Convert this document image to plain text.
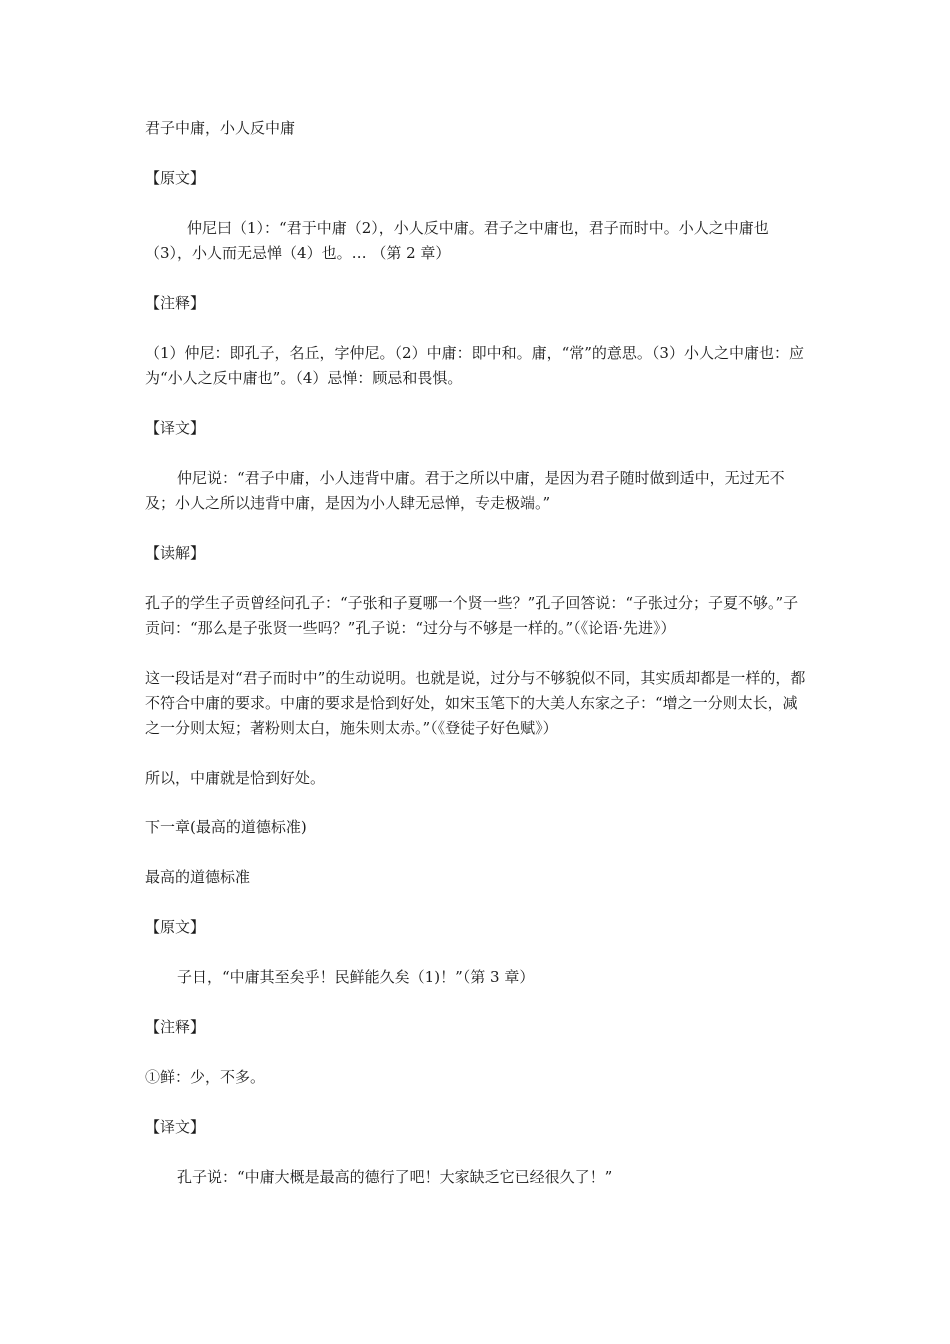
君子中庸，小人反中庸

【原文】

仲尼曰（1）：“君于中庸（2），小人反中庸。君子之中庸也，君子而时中。小人之中庸也（3），小人而无忌惮（4）也。… （第 2 章）

【注释】

（1）仲尼：即孔子，名丘，字仲尼。（2）中庸：即中和。庸，“常”的意思。（3）小人之中庸也：应为“小人之反中庸也”。（4）忌惮：顾忌和畏惧。

【译文】

仲尼说：“君子中庸，小人违背中庸。君于之所以中庸，是因为君子随时做到适中，无过无不及；小人之所以违背中庸，是因为小人肆无忌惮，专走极端。”

【读解】

孔子的学生子贡曾经问孔子：“子张和子夏哪一个贤一些？”孔子回答说：“子张过分；子夏不够。”子贡问：“那么是子张贤一些吗？”孔子说：“过分与不够是一样的。”（《论语·先进》）

这一段话是对“君子而时中”的生动说明。也就是说，过分与不够貌似不同，其实质却都是一样的，都不符合中庸的要求。中庸的要求是恰到好处，如宋玉笔下的大美人东家之子：“增之一分则太长，减之一分则太短；著粉则太白，施朱则太赤。”（《登徒子好色赋》）

所以，中庸就是恰到好处。

下一章(最高的道德标准)

最高的道德标准

【原文】

子日，“中庸其至矣乎！民鲜能久矣（1)！”（第 3 章）

【注释】

①鲜：少，不多。

【译文】

孔子说：“中庸大概是最高的德行了吧！大家缺乏它已经很久了！”
